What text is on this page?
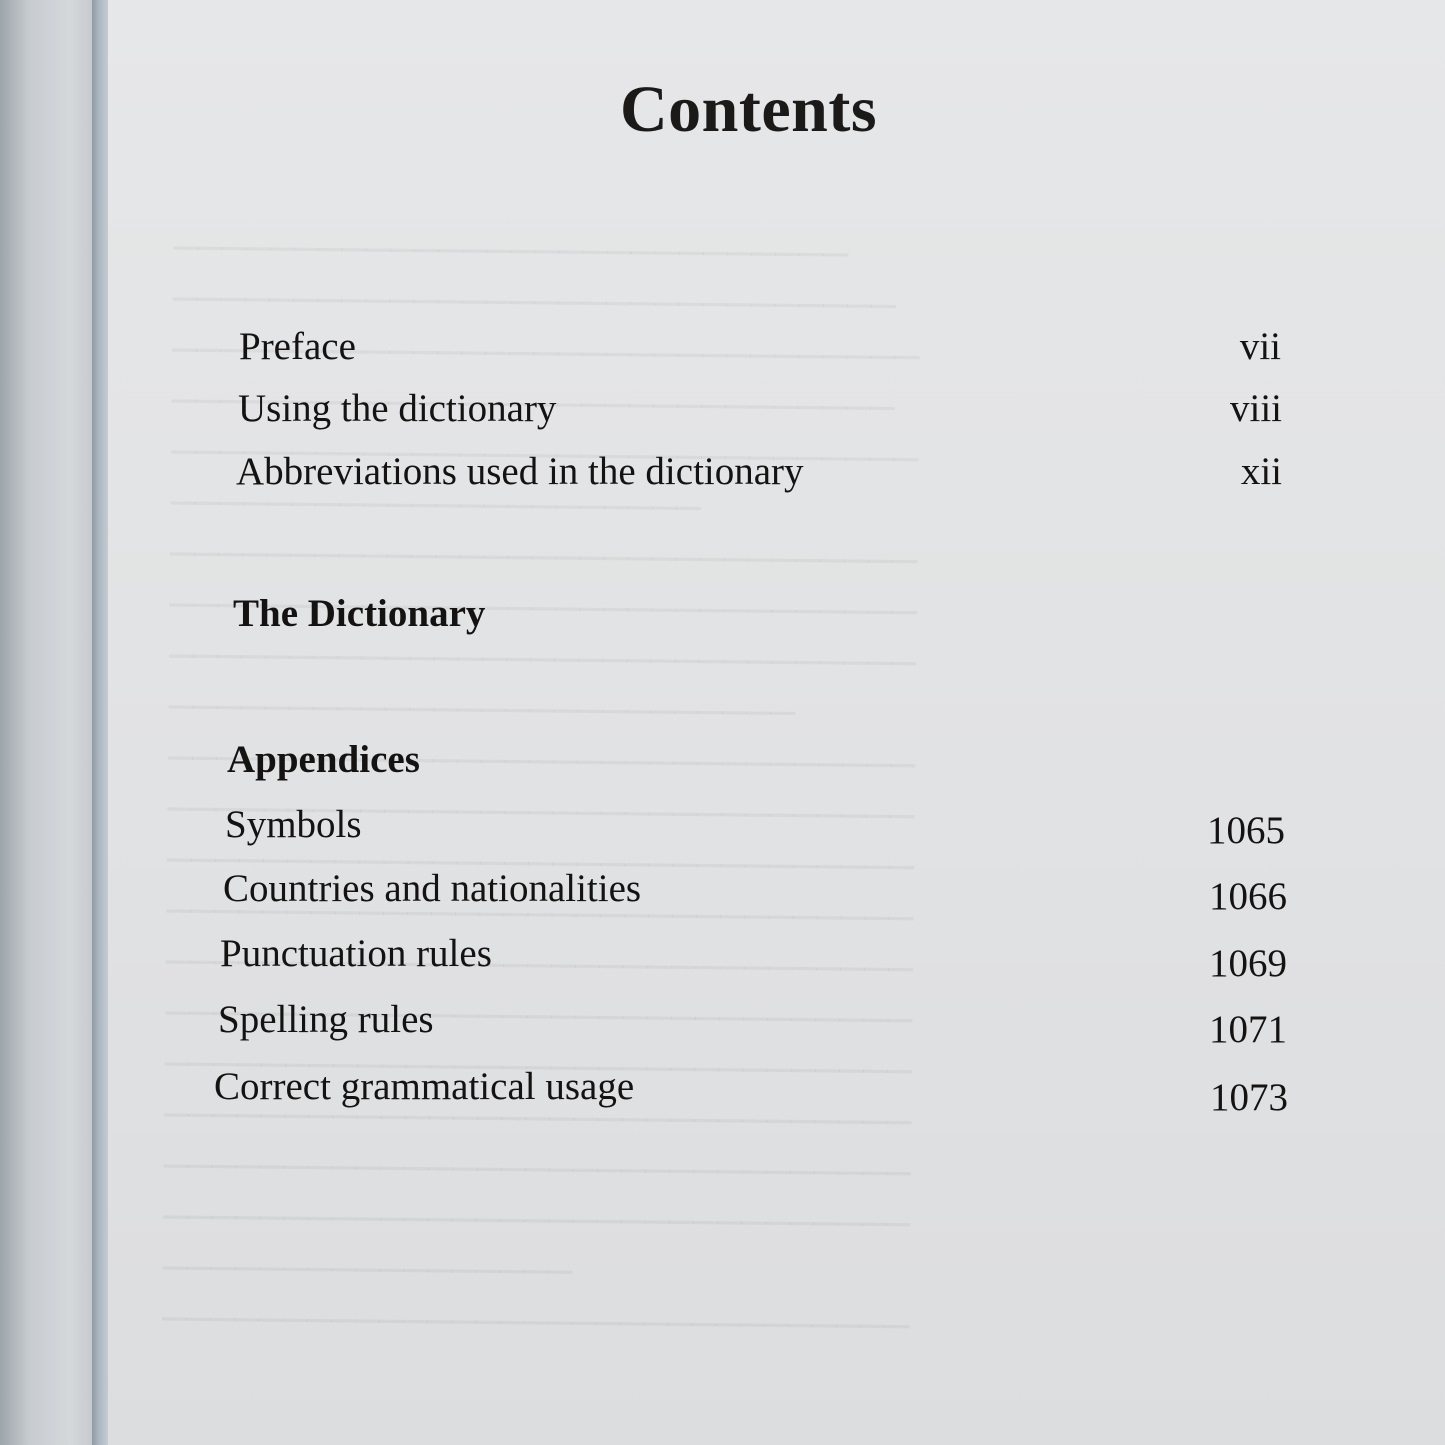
Contents
Preface	vii
Using the dictionary	viii
Abbreviations used in the dictionary	xii
The Dictionary
Appendices
Symbols	1065
Countries and nationalities	1066
Punctuation rules	1069
Spelling rules	1071
Correct grammatical usage	1073
